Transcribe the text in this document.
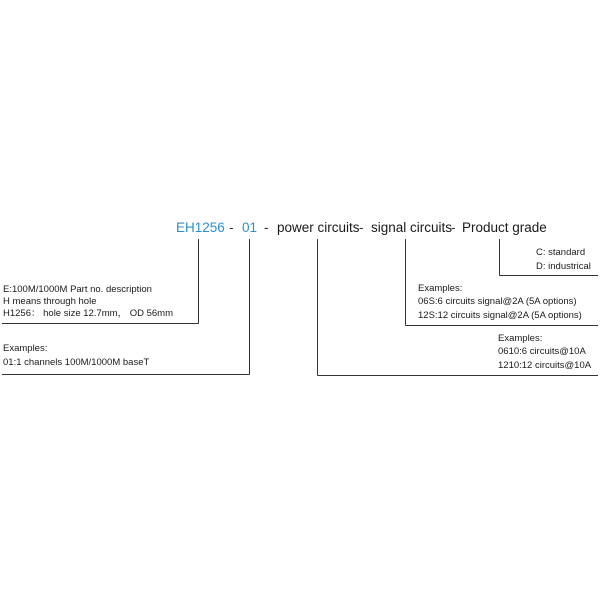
EH1256 - 01 - power circuits - signal circuits
- Product grade
E:100M/1000M Part no. description
H means through hole
H1256： hole size 12.7mm， OD 56mm
Examples:
01:1 channels 100M/1000M baseT
C: standard
D: industrical
Examples:
06S:6 circuits signal@2A (5A options)
12S:12 circuits signal@2A (5A options)
Examples:
0610:6 circuits@10A
1210:12 circuits@10A
